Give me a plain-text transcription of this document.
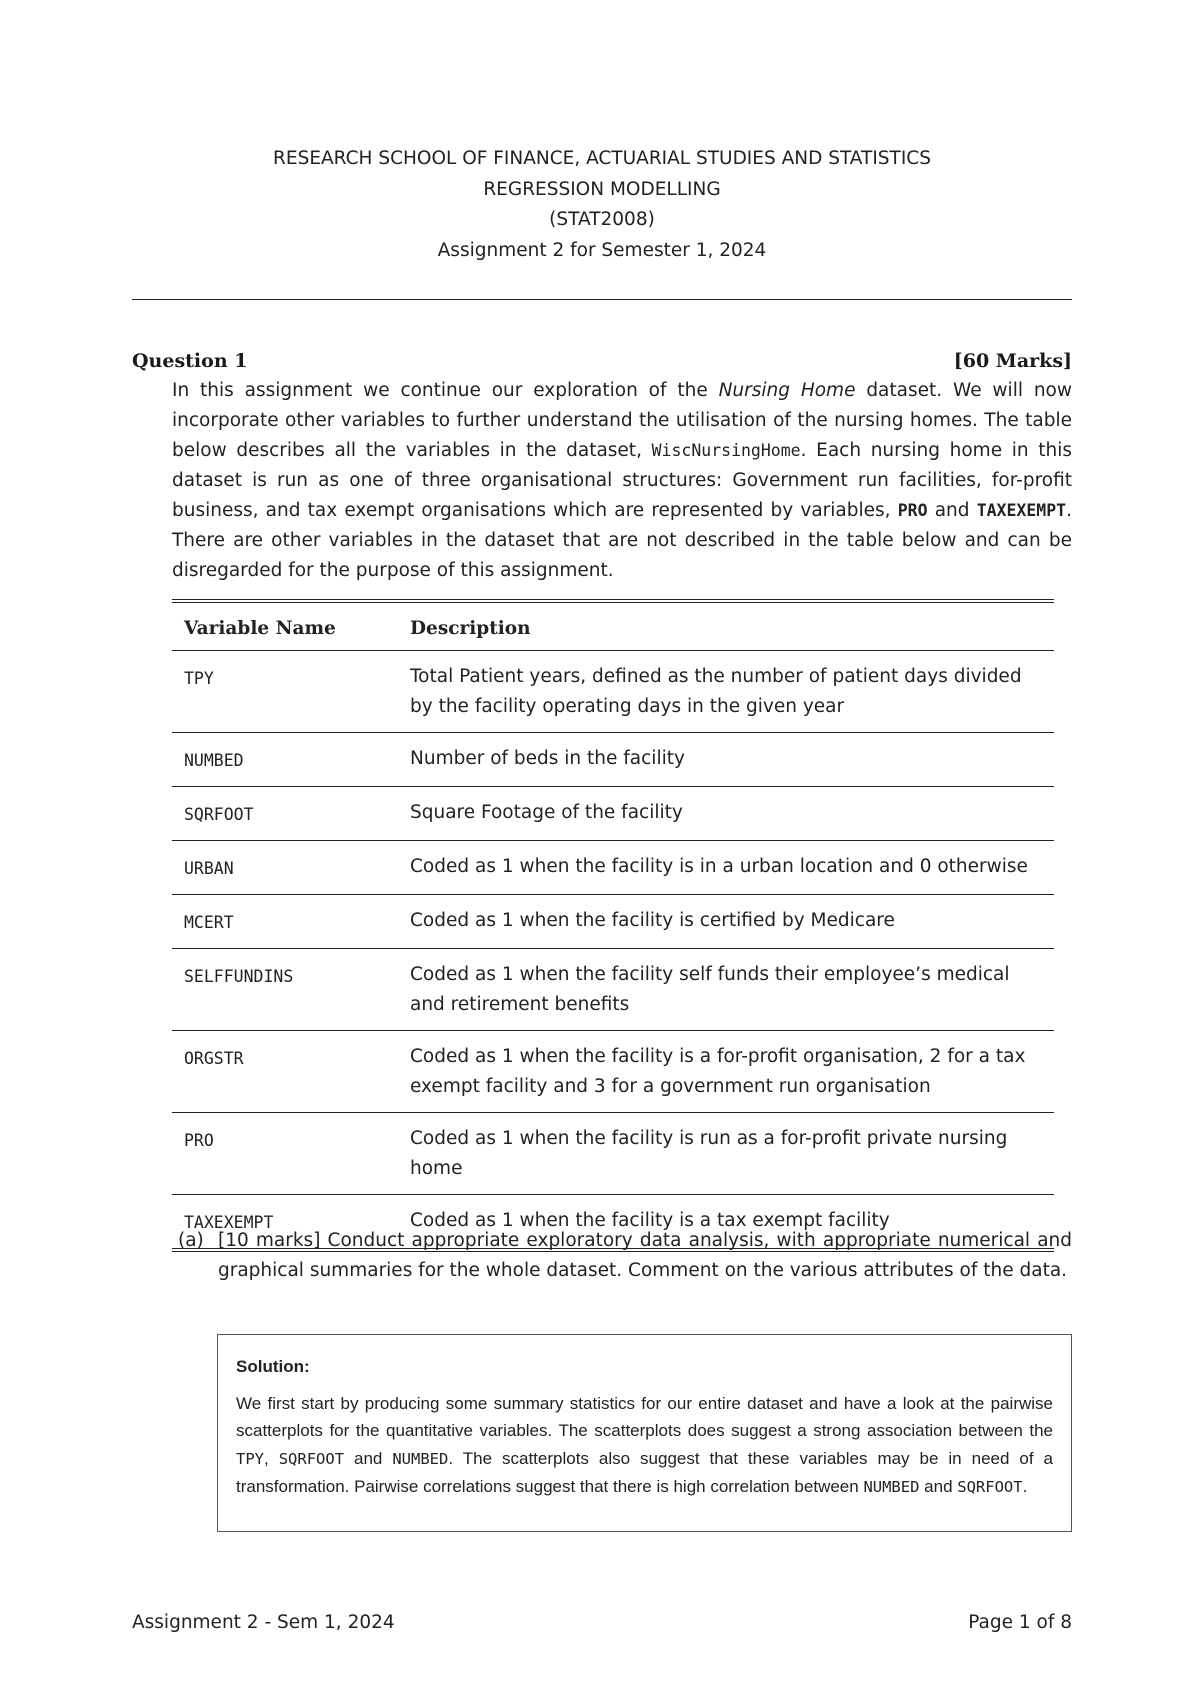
RESEARCH SCHOOL OF FINANCE, ACTUARIAL STUDIES AND STATISTICS
REGRESSION MODELLING
(STAT2008)
Assignment 2 for Semester 1, 2024
Question 1	[60 Marks]
In this assignment we continue our exploration of the Nursing Home dataset. We will now incorporate other variables to further understand the utilisation of the nursing homes. The table below describes all the variables in the dataset, WiscNursingHome. Each nursing home in this dataset is run as one of three organisational structures: Government run facilities, for-profit business, and tax exempt organisations which are represented by variables, PRO and TAXEXEMPT. There are other variables in the dataset that are not described in the table below and can be disregarded for the purpose of this assignment.
Variable Name	Description
TPY	Total Patient years, defined as the number of patient days divided by the facility operating days in the given year
NUMBED	Number of beds in the facility
SQRFOOT	Square Footage of the facility
URBAN	Coded as 1 when the facility is in a urban location and 0 otherwise
MCERT	Coded as 1 when the facility is certified by Medicare
SELFFUNDINS	Coded as 1 when the facility self funds their employee’s medical and retirement benefits
ORGSTR	Coded as 1 when the facility is a for-profit organisation, 2 for a tax exempt facility and 3 for a government run organisation
PRO	Coded as 1 when the facility is run as a for-profit private nursing home
TAXEXEMPT	Coded as 1 when the facility is a tax exempt facility
(a) [10 marks] Conduct appropriate exploratory data analysis, with appropriate numerical and graphical summaries for the whole dataset. Comment on the various attributes of the data.
Solution:
We first start by producing some summary statistics for our entire dataset and have a look at the pairwise scatterplots for the quantitative variables. The scatterplots does suggest a strong association between the TPY, SQRFOOT and NUMBED. The scatterplots also suggest that these variables may be in need of a transformation. Pairwise correlations suggest that there is high correlation between NUMBED and SQRFOOT.
Assignment 2 - Sem 1, 2024	Page 1 of 8
